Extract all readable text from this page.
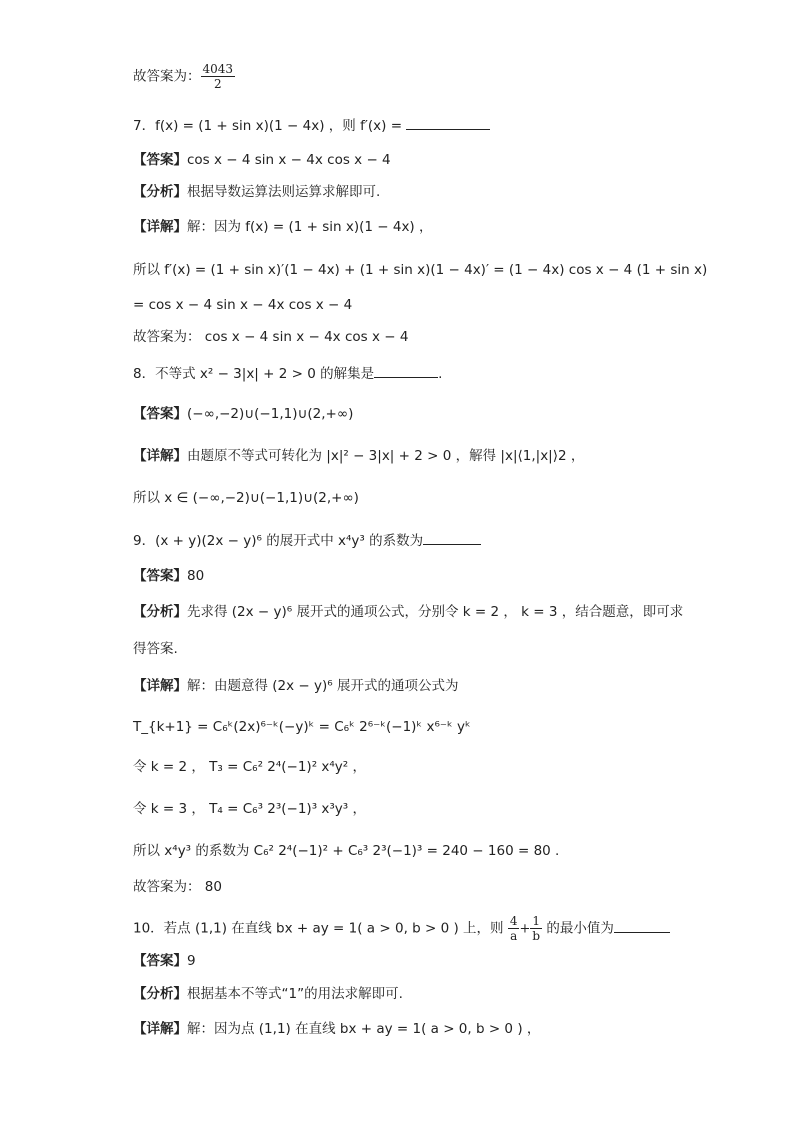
故答案为： $\frac{4043}{2}$
7．f(x) = (1 + sin x)(1 − 4x) ，则 f′(x) =
【答案】cos x − 4 sin x − 4x cos x − 4
【分析】根据导数运算法则运算求解即可.
【详解】解：因为 f(x) = (1 + sin x)(1 − 4x) ，
所以 f′(x) = (1 + sin x)′(1 − 4x) + (1 + sin x)(1 − 4x)′ = (1 − 4x) cos x − 4 (1 + sin x)
= cos x − 4 sin x − 4x cos x − 4
故答案为： cos x − 4 sin x − 4x cos x − 4
8．不等式 x² − 3|x| + 2 > 0 的解集是	.
【答案】(−∞,−2)∪(−1,1)∪(2,+∞)
【详解】由题原不等式可转化为 |x|² − 3|x| + 2 > 0 ，解得 |x|⟨1,|x|⟩2 ，
所以 x ∈ (−∞,−2)∪(−1,1)∪(2,+∞)
9．(x + y)(2x − y)⁶ 的展开式中 x⁴y³ 的系数为
【答案】80
【分析】先求得 (2x − y)⁶ 展开式的通项公式，分别令 k = 2 ， k = 3 ，结合题意，即可求
得答案.
【详解】解：由题意得 (2x − y)⁶ 展开式的通项公式为
T_{k+1} = C₆ᵏ(2x)⁶⁻ᵏ(−y)ᵏ = C₆ᵏ 2⁶⁻ᵏ(−1)ᵏ x⁶⁻ᵏ yᵏ
令 k = 2 ， T₃ = C₆² 2⁴(−1)² x⁴y² ，
令 k = 3 ， T₄ = C₆³ 2³(−1)³ x³y³ ，
所以 x⁴y³ 的系数为 C₆² 2⁴(−1)² + C₆³ 2³(−1)³ = 240 − 160 = 80 .
故答案为： 80
10．若点 (1,1) 在直线 bx + ay = 1( a > 0, b > 0 ) 上，则 $\frac{4}{a} + \frac{1}{b}$ 的最小值为
【答案】9
【分析】根据基本不等式“1”的用法求解即可.
【详解】解：因为点 (1,1) 在直线 bx + ay = 1( a > 0, b > 0 ) ，
